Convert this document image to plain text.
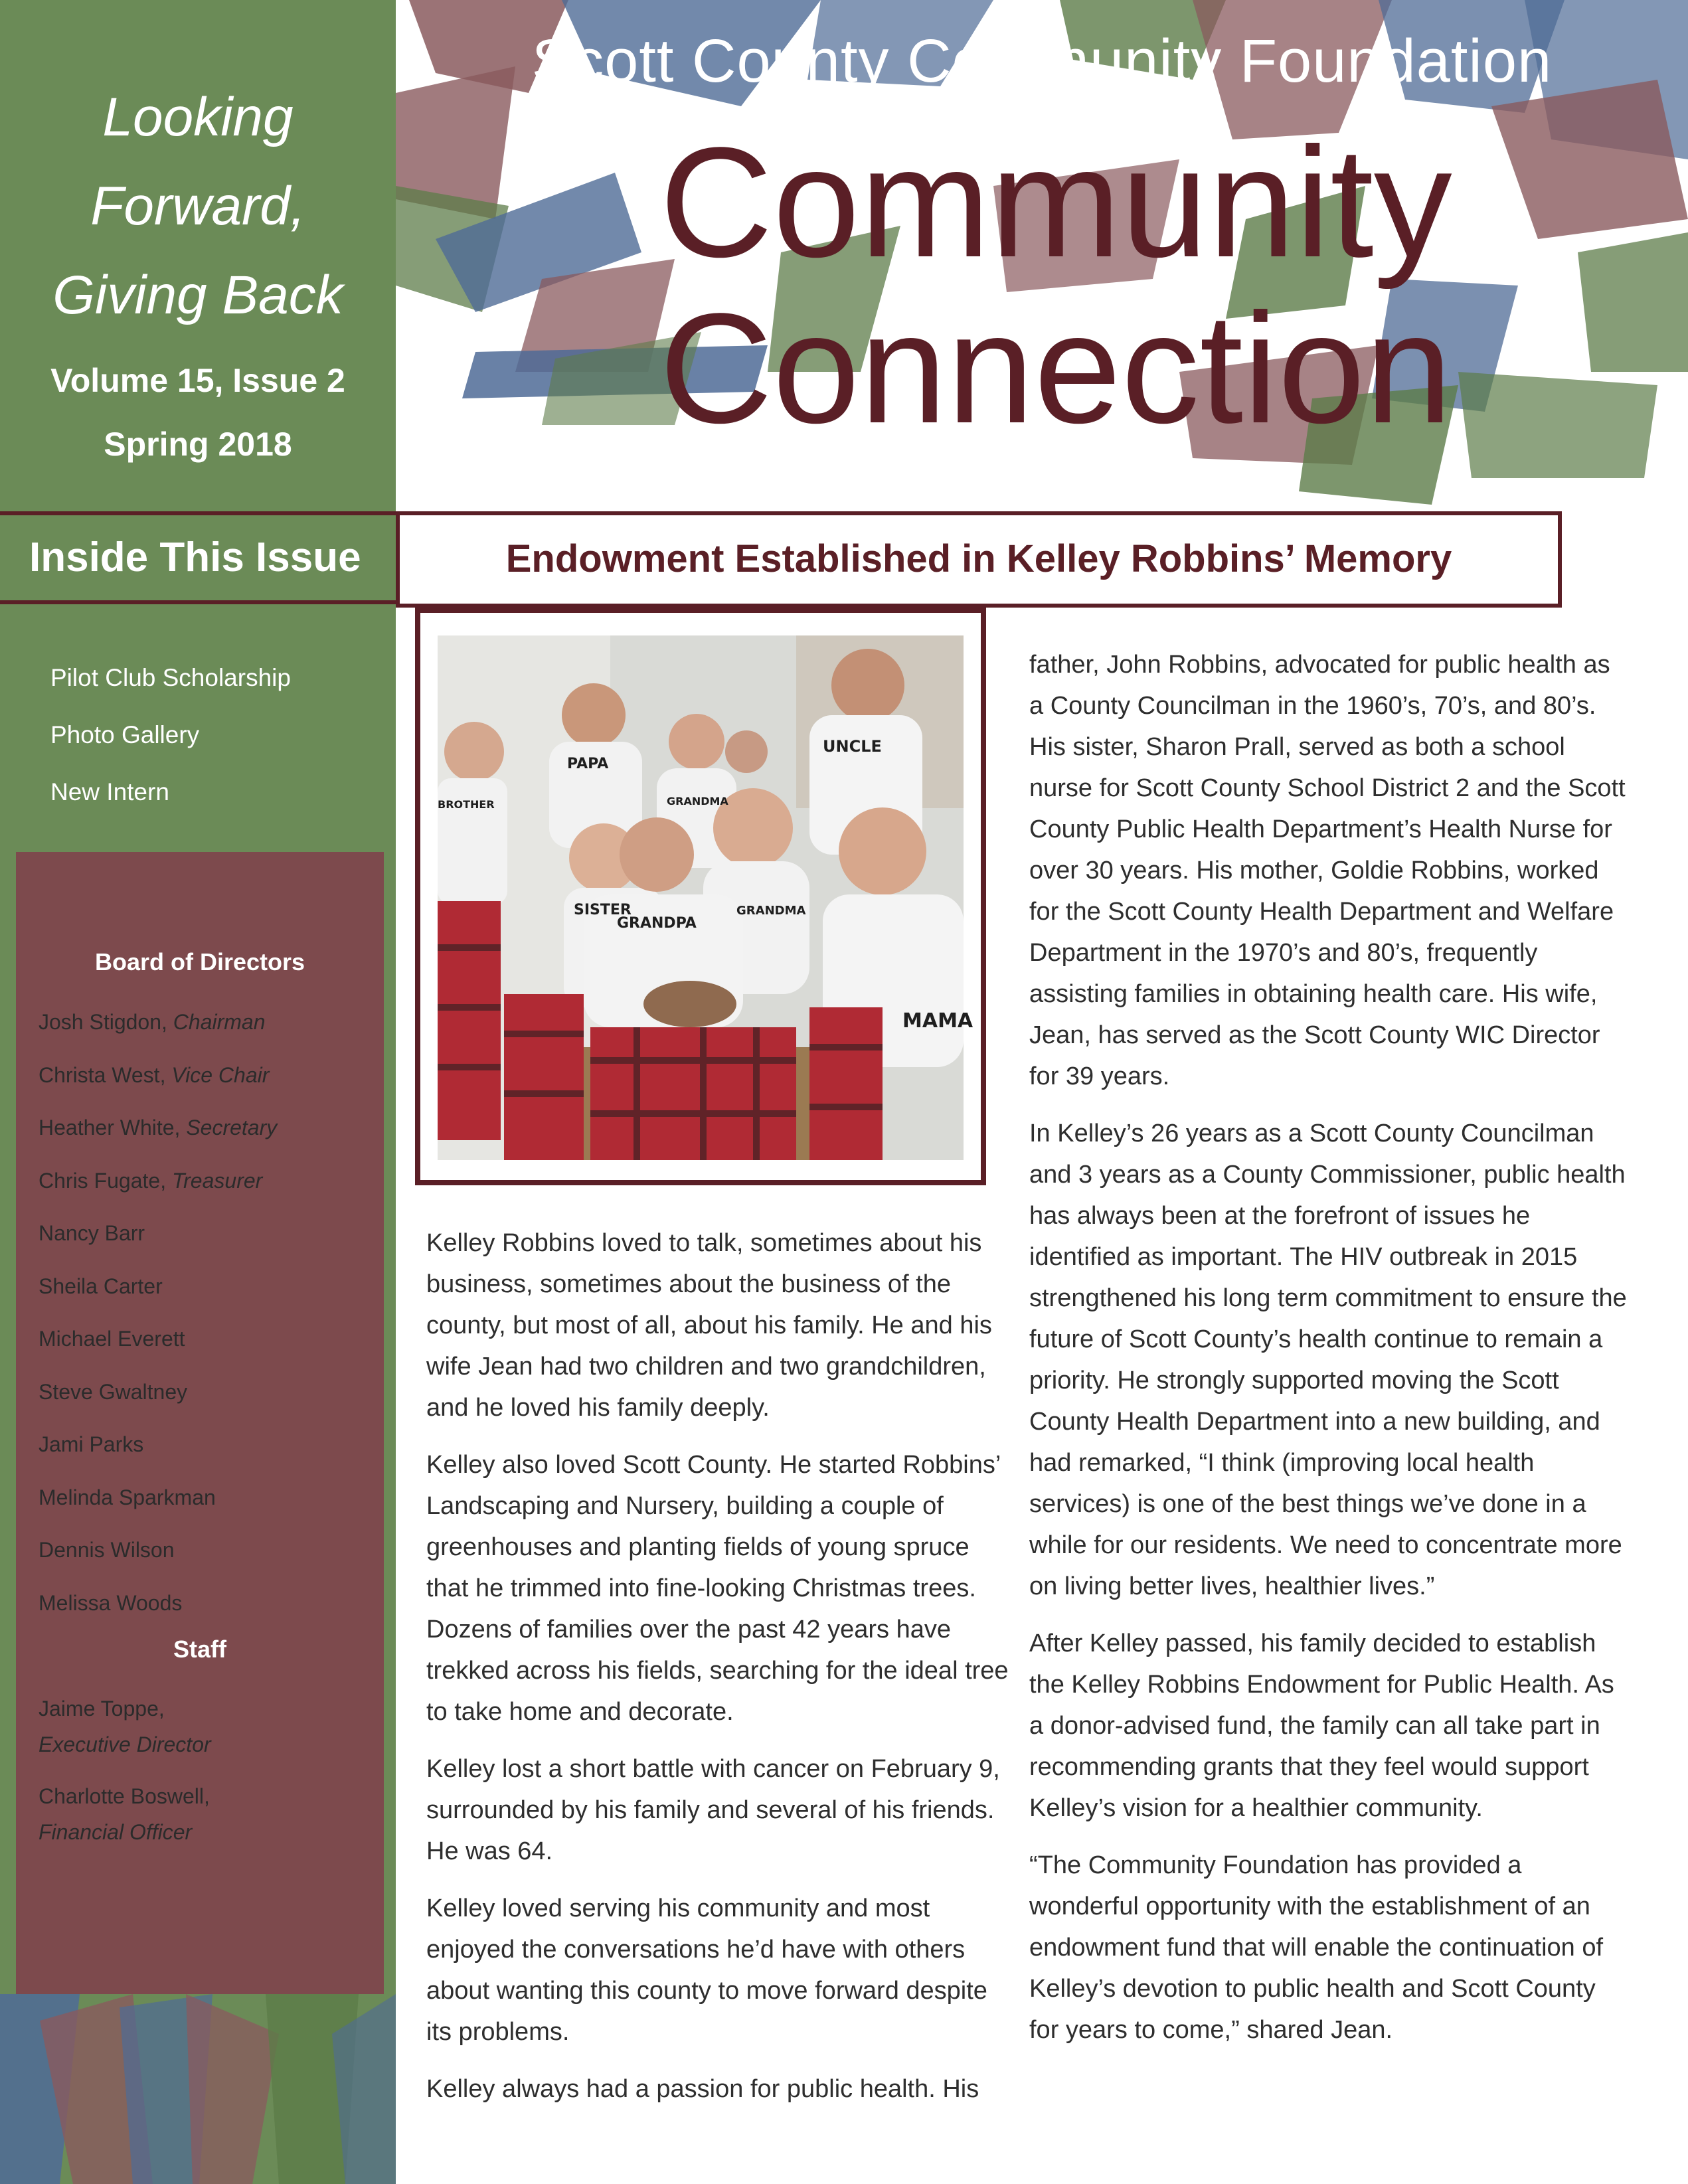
Looking
Forward,
Giving Back
Volume 15, Issue 2
Spring 2018
Inside This Issue
Pilot Club Scholarship
Photo Gallery
New Intern
Board of Directors
Staff
Josh Stigdon, Chairman
Christa West, Vice Chair
Heather White, Secretary
Chris Fugate, Treasurer
Nancy Barr
Sheila Carter
Michael Everett
Steve Gwaltney
Jami Parks
Melinda Sparkman
Dennis Wilson
Melissa Woods
Jaime Toppe,
Executive Director
Charlotte Boswell,
Financial Officer
Scott County Community Foundation
Community
Connection
Endowment Established in Kelley Robbins’ Memory
PAPA
UNCLE
BROTHER	GRANDMA
SISTER
GRANDPA
GRANDMA
MAMA

Kelley Robbins loved to talk, sometimes about his business, sometimes about the business of the county, but most of all, about his family. He and his wife Jean had two children and two grandchildren, and he loved his family deeply.

Kelley also loved Scott County. He started Robbins’ Landscaping and Nursery, building a couple of greenhouses and planting fields of young spruce that he trimmed into fine-looking Christmas trees. Dozens of families over the past 42 years have trekked across his fields, searching for the ideal tree to take home and decorate.

Kelley lost a short battle with cancer on February 9, surrounded by his family and several of his friends. He was 64.

Kelley loved serving his community and most enjoyed the conversations he’d have with others about wanting this county to move forward despite its problems.

Kelley always had a passion for public health. His

father, John Robbins, advocated for public health as a County Councilman in the 1960’s, 70’s, and 80’s. His sister, Sharon Prall, served as both a school nurse for Scott County School District 2 and the Scott County Public Health Department’s Health Nurse for over 30 years. His mother, Goldie Robbins, worked for the Scott County Health Department and Welfare Department in the 1970’s and 80’s, frequently assisting families in obtaining health care. His wife, Jean, has served as the Scott County WIC Director for 39 years.

In Kelley’s 26 years as a Scott County Councilman and 3 years as a County Commissioner, public health has always been at the forefront of issues he identified as important. The HIV outbreak in 2015 strengthened his long term commitment to ensure the future of Scott County’s health continue to remain a priority. He strongly supported moving the Scott County Health Department into a new building, and had remarked, “I think (improving local health services) is one of the best things we’ve done in a while for our residents. We need to concentrate more on living better lives, healthier lives.”

After Kelley passed, his family decided to establish the Kelley Robbins Endowment for Public Health. As a donor-advised fund, the family can all take part in recommending grants that they feel would support Kelley’s vision for a healthier community.

“The Community Foundation has provided a wonderful opportunity with the establishment of an endowment fund that will enable the continuation of Kelley’s devotion to public health and Scott County for years to come,” shared Jean.
